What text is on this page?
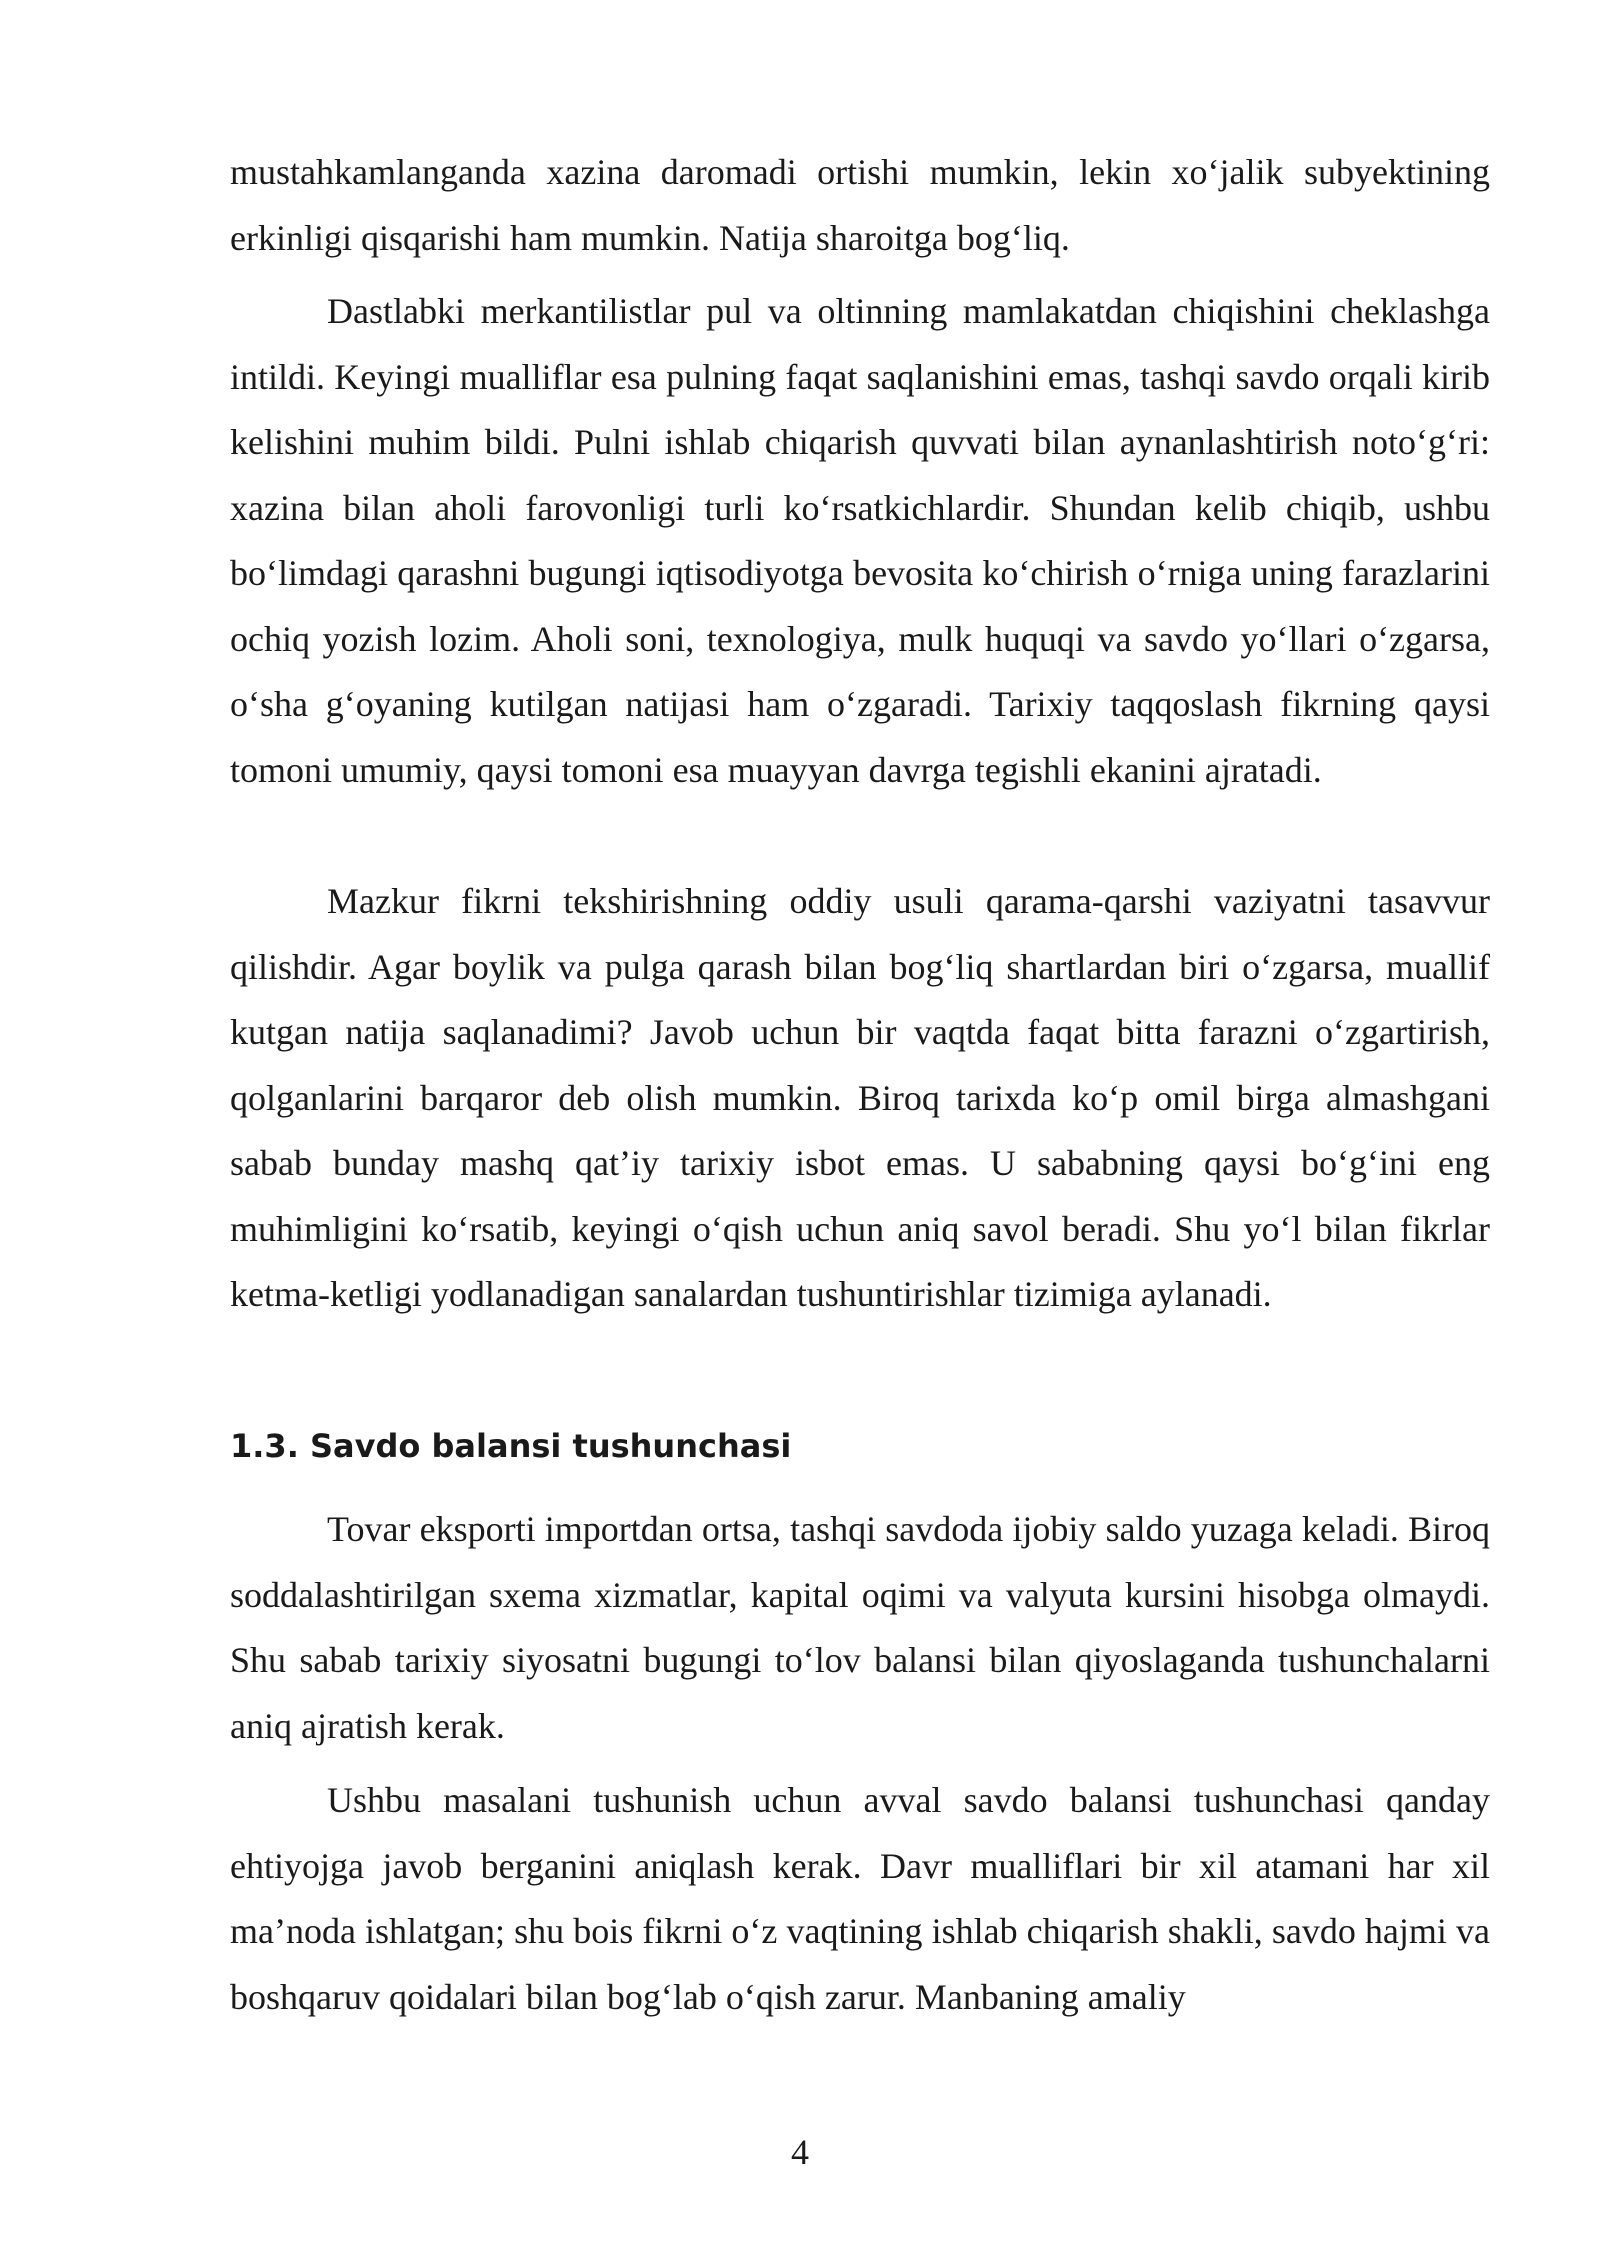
mustahkamlanganda xazina daromadi ortishi mumkin, lekin xo‘jalik subyektining erkinligi qisqarishi ham mumkin. Natija sharoitga bog‘liq.

Dastlabki merkantilistlar pul va oltinning mamlakatdan chiqishini cheklashga intildi. Keyingi mualliflar esa pulning faqat saqlanishini emas, tashqi savdo orqali kirib kelishini muhim bildi. Pulni ishlab chiqarish quvvati bilan aynanlashtirish noto‘g‘ri: xazina bilan aholi farovonligi turli ko‘rsatkichlardir. Shundan kelib chiqib, ushbu bo‘limdagi qarashni bugungi iqtisodiyotga bevosita ko‘chirish o‘rniga uning farazlarini ochiq yozish lozim. Aholi soni, texnologiya, mulk huquqi va savdo yo‘llari o‘zgarsa, o‘sha g‘oyaning kutilgan natijasi ham o‘zgaradi. Tarixiy taqqoslash fikrning qaysi tomoni umumiy, qaysi tomoni esa muayyan davrga tegishli ekanini ajratadi.

Mazkur fikrni tekshirishning oddiy usuli qarama-qarshi vaziyatni tasavvur qilishdir. Agar boylik va pulga qarash bilan bog‘liq shartlardan biri o‘zgarsa, muallif kutgan natija saqlanadimi? Javob uchun bir vaqtda faqat bitta farazni o‘zgartirish, qolganlarini barqaror deb olish mumkin. Biroq tarixda ko‘p omil birga almashgani sabab bunday mashq qat’iy tarixiy isbot emas. U sababning qaysi bo‘g‘ini eng muhimligini ko‘rsatib, keyingi o‘qish uchun aniq savol beradi. Shu yo‘l bilan fikrlar ketma-ketligi yodlanadigan sanalardan tushuntirishlar tizimiga aylanadi.

1.3. Savdo balansi tushunchasi

Tovar eksporti importdan ortsa, tashqi savdoda ijobiy saldo yuzaga keladi. Biroq soddalashtirilgan sxema xizmatlar, kapital oqimi va valyuta kursini hisobga olmaydi. Shu sabab tarixiy siyosatni bugungi to‘lov balansi bilan qiyoslaganda tushunchalarni aniq ajratish kerak.

Ushbu masalani tushunish uchun avval savdo balansi tushunchasi qanday ehtiyojga javob berganini aniqlash kerak. Davr mualliflari bir xil atamani har xil ma’noda ishlatgan; shu bois fikrni o‘z vaqtining ishlab chiqarish shakli, savdo hajmi va boshqaruv qoidalari bilan bog‘lab o‘qish zarur. Manbaning amaliy

4
